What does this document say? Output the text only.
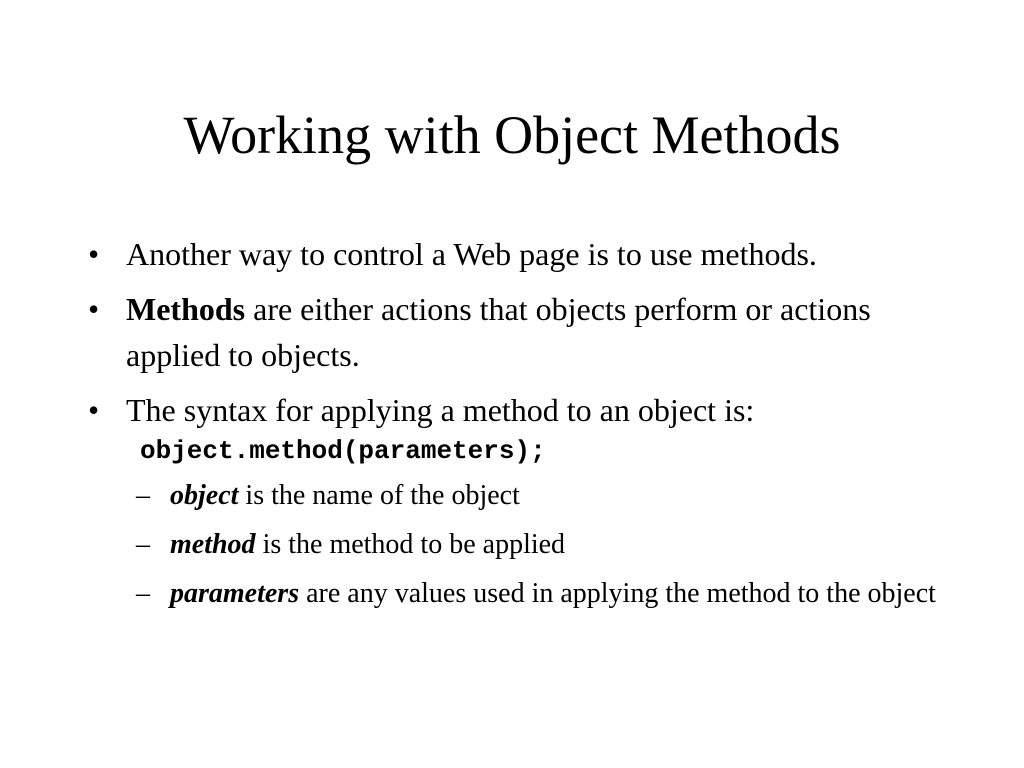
Working with Object Methods
• Another way to control a Web page is to use methods.
• Methods are either actions that objects perform or actions applied to objects.
• The syntax for applying a method to an object is:
object.method(parameters);
– object is the name of the object
– method is the method to be applied
– parameters are any values used in applying the method to the object
